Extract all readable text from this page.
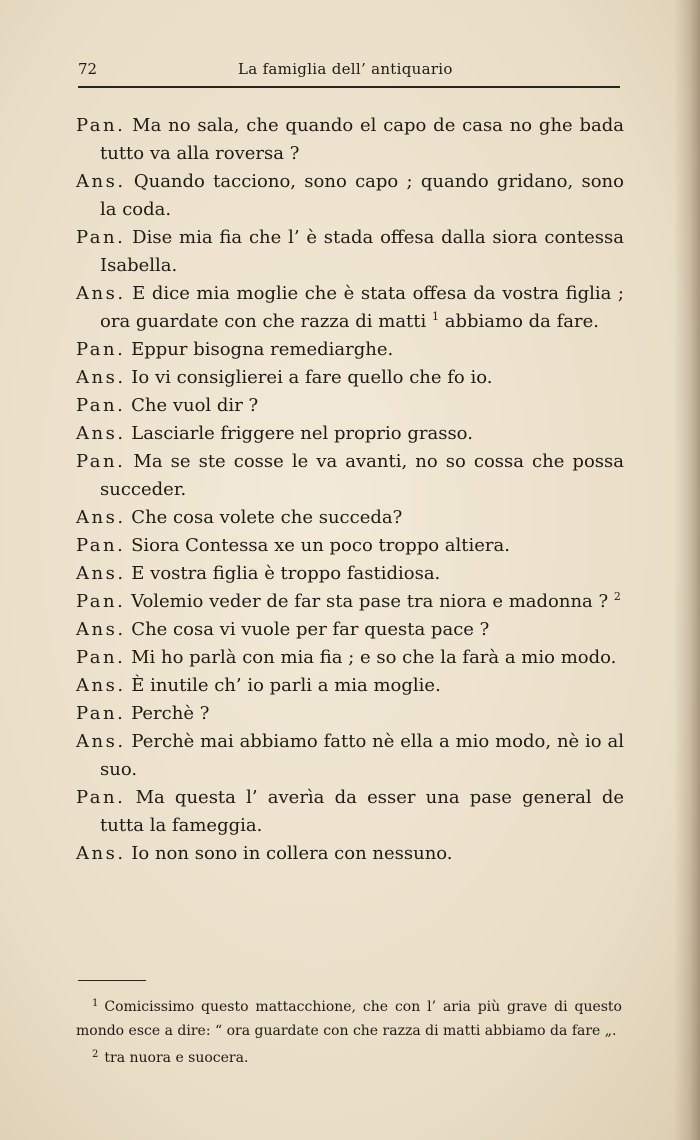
72	La famiglia dell’ antiquario

Pan. Ma no sala, che quando el capo de casa no ghe bada tutto va alla roversa ?

Ans. Quando tacciono, sono capo ; quando gridano, sono la coda.

Pan. Dise mia fia che l’ è stada offesa dalla siora contessa Isabella.

Ans. E dice mia moglie che è stata offesa da vostra figlia ; ora guardate con che razza di matti $^1$ abbiamo da fare.

Pan. Eppur bisogna remediarghe.

Ans. Io vi consiglierei a fare quello che fo io.

Pan. Che vuol dir ?

Ans. Lasciarle friggere nel proprio grasso.

Pan. Ma se ste cosse le va avanti, no so cossa che possa succeder.

Ans. Che cosa volete che succeda?

Pan. Siora Contessa xe un poco troppo altiera.

Ans. E vostra figlia è troppo fastidiosa.

Pan. Volemio veder de far sta pase tra niora e madonna ? $^2$

Ans. Che cosa vi vuole per far questa pace ?

Pan. Mi ho parlà con mia fia ; e so che la farà a mio modo.

Ans. È inutile ch’ io parli a mia moglie.

Pan. Perchè ?

Ans. Perchè mai abbiamo fatto nè ella a mio modo, nè io al suo.

Pan. Ma questa l’ averìa da esser una pase general de tutta la fameggia.

Ans. Io non sono in collera con nessuno.

$^1$ Comicissimo questo mattacchione, che con l’ aria più grave di questo mondo esce a dire: “ ora guardate con che razza di matti abbiamo da fare „.

$^2$ tra nuora e suocera.
